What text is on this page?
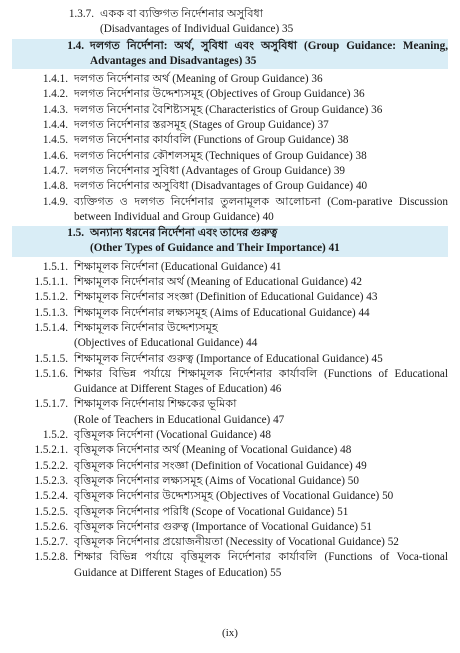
1.3.7. একক বা ব্যক্তিগত নির্দেশনার অসুবিধা
(Disadvantages of Individual Guidance) 35
1.4. দলগত নির্দেশনা: অর্থ, সুবিধা এবং অসুবিধা (Group Guidance: Meaning, Advantages and Disadvantages) 35
1.4.1. দলগত নির্দেশনার অর্থ (Meaning of Group Guidance) 36
1.4.2. দলগত নির্দেশনার উদ্দেশ্যসমূহ (Objectives of Group Guidance) 36
1.4.3. দলগত নির্দেশনার বৈশিষ্ট্যসমূহ (Characteristics of Group Guidance) 36
1.4.4. দলগত নির্দেশনার স্তরসমূহ (Stages of Group Guidance) 37
1.4.5. দলগত নির্দেশনার কার্যাবলি (Functions of Group Guidance) 38
1.4.6. দলগত নির্দেশনার কৌশলসমূহ (Techniques of Group Guidance) 38
1.4.7. দলগত নির্দেশনার সুবিধা (Advantages of Group Guidance) 39
1.4.8. দলগত নির্দেশনার অসুবিধা (Disadvantages of Group Guidance) 40
1.4.9. ব্যক্তিগত ও দলগত নির্দেশনার তুলনামূলক আলোচনা (Com-parative Discussion between Individual and Group Guidance) 40
1.5. অন্যান্য ধরনের নির্দেশনা এবং তাদের গুরুত্ব
(Other Types of Guidance and Their Importance) 41
1.5.1. শিক্ষামূলক নির্দেশনা (Educational Guidance) 41
1.5.1.1. শিক্ষামূলক নির্দেশনার অর্থ (Meaning of Educational Guidance) 42
1.5.1.2. শিক্ষামূলক নির্দেশনার সংজ্ঞা (Definition of Educational Guidance) 43
1.5.1.3. শিক্ষামূলক নির্দেশনার লক্ষ্যসমূহ (Aims of Educational Guidance) 44
1.5.1.4. শিক্ষামূলক নির্দেশনার উদ্দেশ্যসমূহ
(Objectives of Educational Guidance) 44
1.5.1.5. শিক্ষামূলক নির্দেশনার গুরুত্ব (Importance of Educational Guidance) 45
1.5.1.6. শিক্ষার বিভিন্ন পর্যায়ে শিক্ষামূলক নির্দেশনার কার্যাবলি (Functions of Educational Guidance at Different Stages of Education) 46
1.5.1.7. শিক্ষামূলক নির্দেশনায় শিক্ষকের ভূমিকা
(Role of Teachers in Educational Guidance) 47
1.5.2. বৃত্তিমূলক নির্দেশনা (Vocational Guidance) 48
1.5.2.1. বৃত্তিমূলক নির্দেশনার অর্থ (Meaning of Vocational Guidance) 48
1.5.2.2. বৃত্তিমূলক নির্দেশনার সংজ্ঞা (Definition of Vocational Guidance) 49
1.5.2.3. বৃত্তিমূলক নির্দেশনার লক্ষ্যসমূহ (Aims of Vocational Guidance) 50
1.5.2.4. বৃত্তিমূলক নির্দেশনার উদ্দেশ্যসমূহ (Objectives of Vocational Guidance) 50
1.5.2.5. বৃত্তিমূলক নির্দেশনার পরিধি (Scope of Vocational Guidance) 51
1.5.2.6. বৃত্তিমূলক নির্দেশনার গুরুত্ব (Importance of Vocational Guidance) 51
1.5.2.7. বৃত্তিমূলক নির্দেশনার প্রয়োজনীয়তা (Necessity of Vocational Guidance) 52
1.5.2.8. শিক্ষার বিভিন্ন পর্যায়ে বৃত্তিমূলক নির্দেশনার কার্যাবলি (Functions of Voca-tional Guidance at Different Stages of Education) 55
(ix)
